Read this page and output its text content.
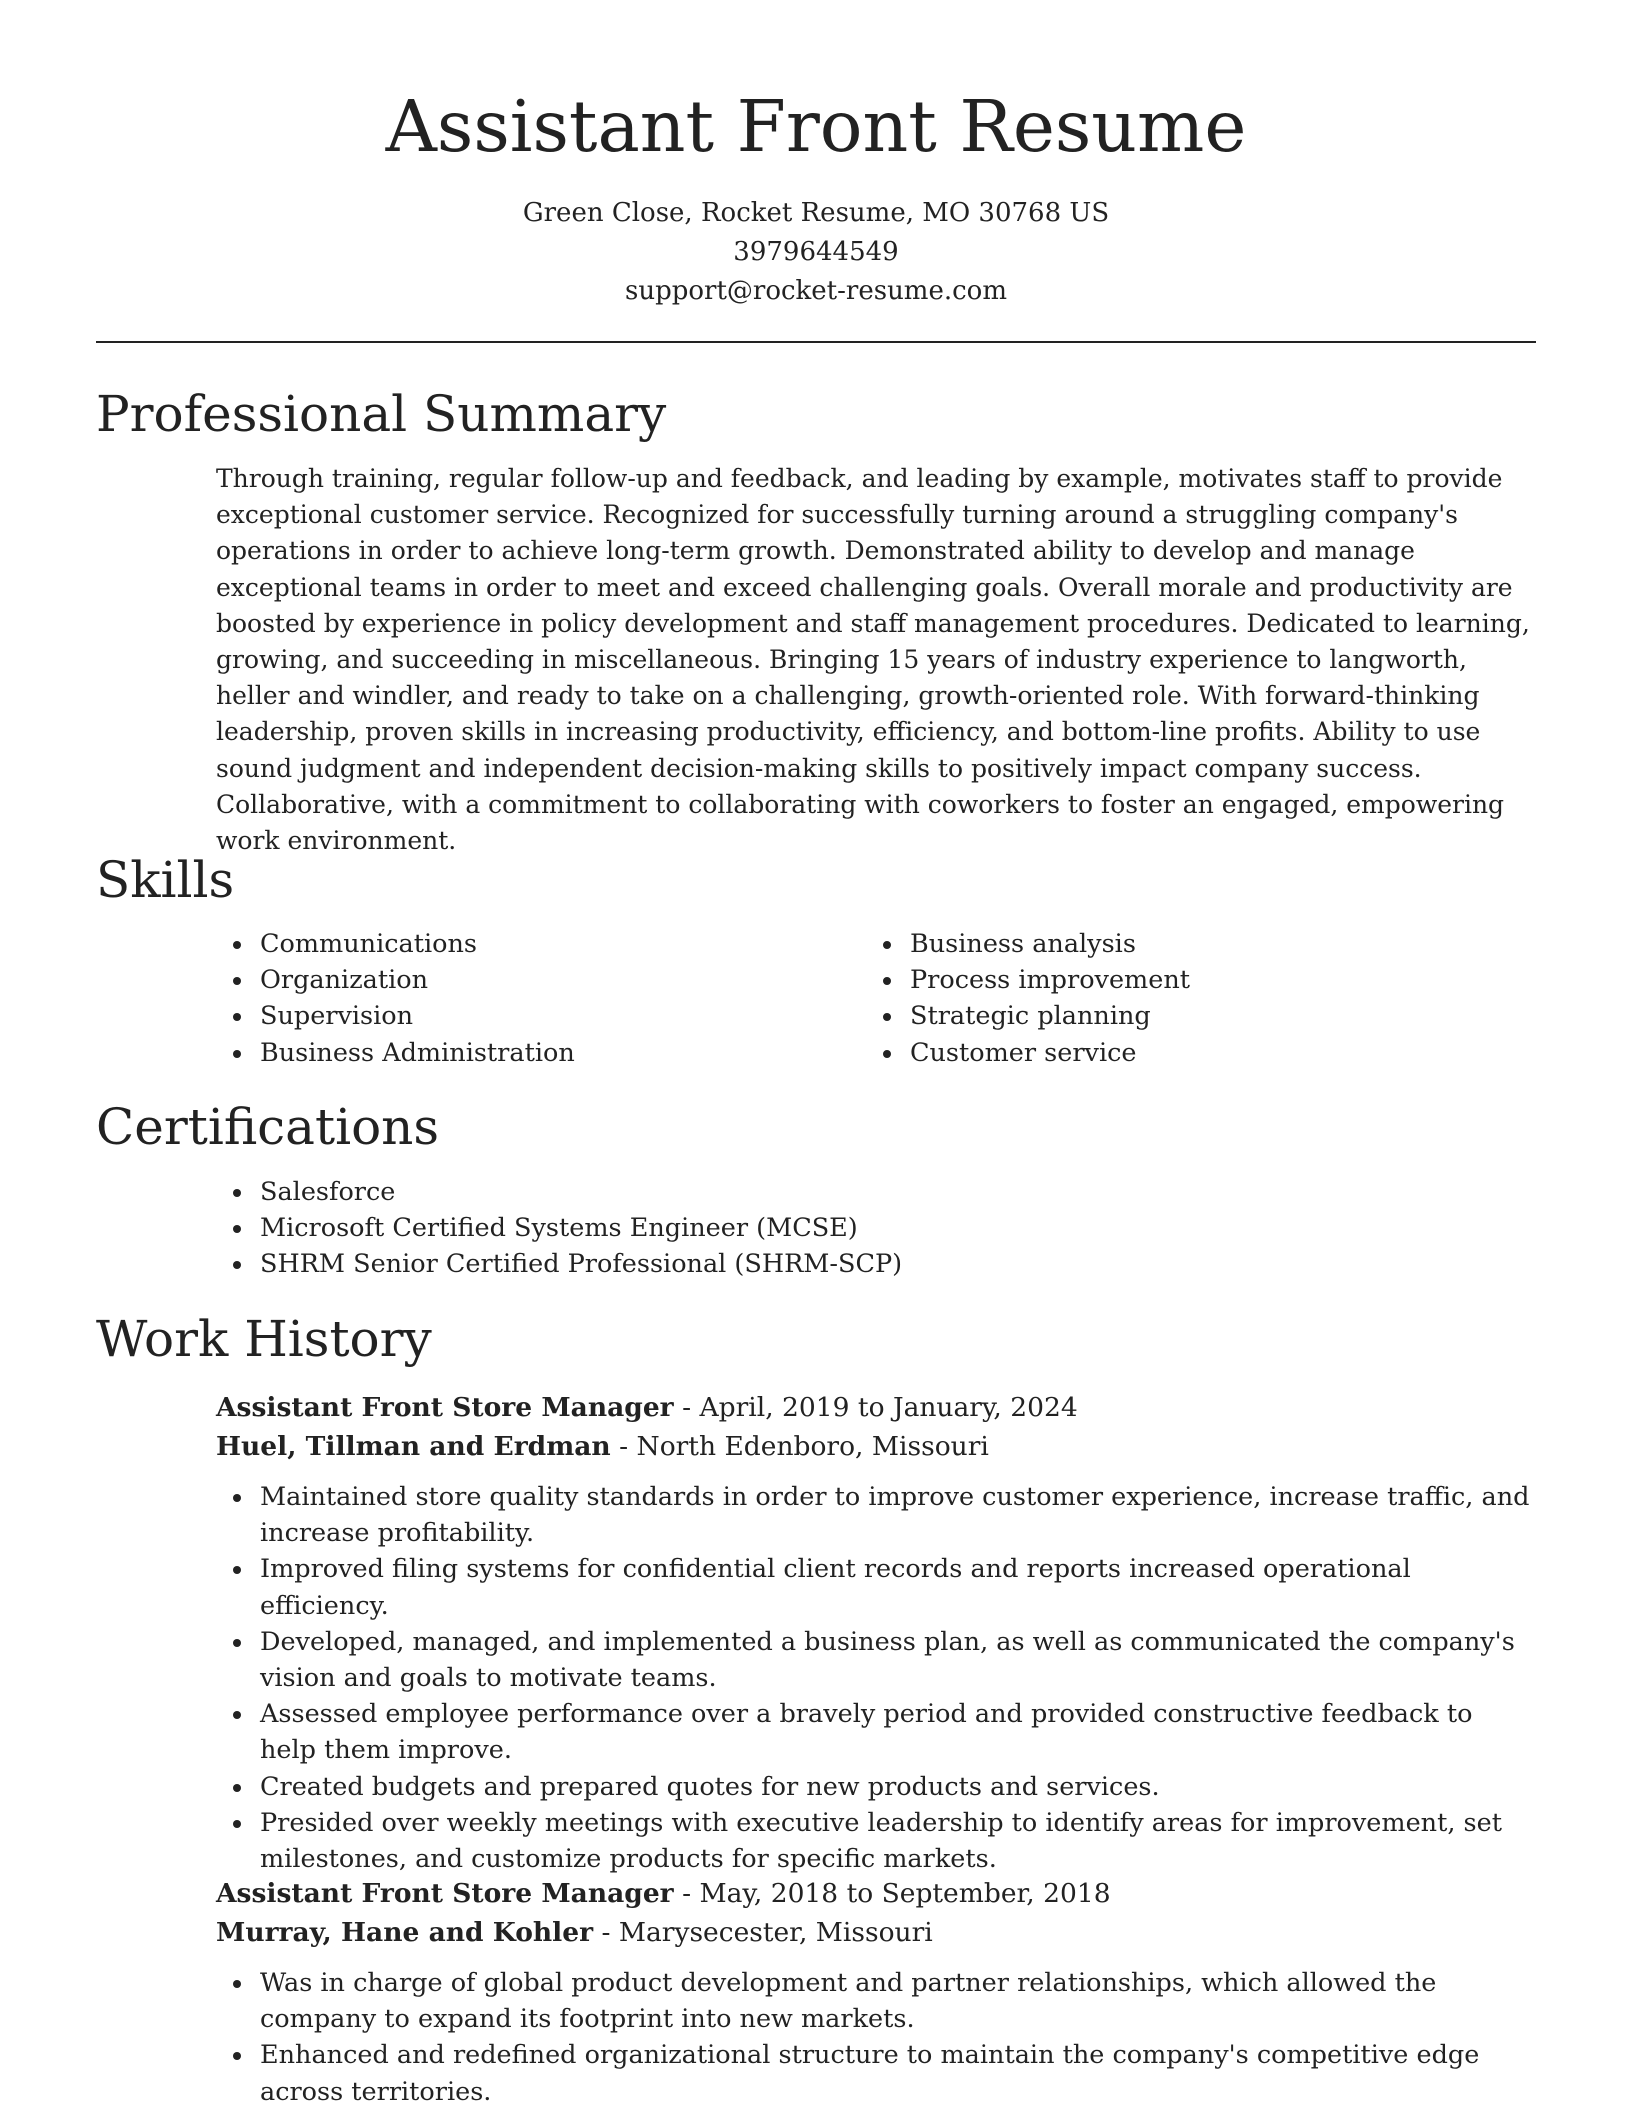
Assistant Front Resume
Green Close, Rocket Resume, MO 30768 US
3979644549
support@rocket-resume.com
Professional Summary

Through training, regular follow-up and feedback, and leading by example, motivates staff to provide exceptional customer service. Recognized for successfully turning around a struggling company's operations in order to achieve long-term growth. Demonstrated ability to develop and manage exceptional teams in order to meet and exceed challenging goals. Overall morale and productivity are boosted by experience in policy development and staff management procedures. Dedicated to learning, growing, and succeeding in miscellaneous. Bringing 15 years of industry experience to langworth, heller and windler, and ready to take on a challenging, growth-oriented role. With forward-thinking leadership, proven skills in increasing productivity, efficiency, and bottom-line profits. Ability to use sound judgment and independent decision-making skills to positively impact company success. Collaborative, with a commitment to collaborating with coworkers to foster an engaged, empowering work environment.

Skills
Communications
Organization
Supervision
Business Administration
Business analysis
Process improvement
Strategic planning
Customer service
Certifications
Salesforce
Microsoft Certified Systems Engineer (MCSE)
SHRM Senior Certified Professional (SHRM-SCP)
Work History
Assistant Front Store Manager - April, 2019 to January, 2024
Huel, Tillman and Erdman - North Edenboro, Missouri
Maintained store quality standards in order to improve customer experience, increase traffic, and increase profitability.
Improved filing systems for confidential client records and reports increased operational efficiency.
Developed, managed, and implemented a business plan, as well as communicated the company's vision and goals to motivate teams.
Assessed employee performance over a bravely period and provided constructive feedback to help them improve.
Created budgets and prepared quotes for new products and services.
Presided over weekly meetings with executive leadership to identify areas for improvement, set milestones, and customize products for specific markets.
Assistant Front Store Manager - May, 2018 to September, 2018
Murray, Hane and Kohler - Marysecester, Missouri
Was in charge of global product development and partner relationships, which allowed the company to expand its footprint into new markets.
Enhanced and redefined organizational structure to maintain the company's competitive edge across territories.
